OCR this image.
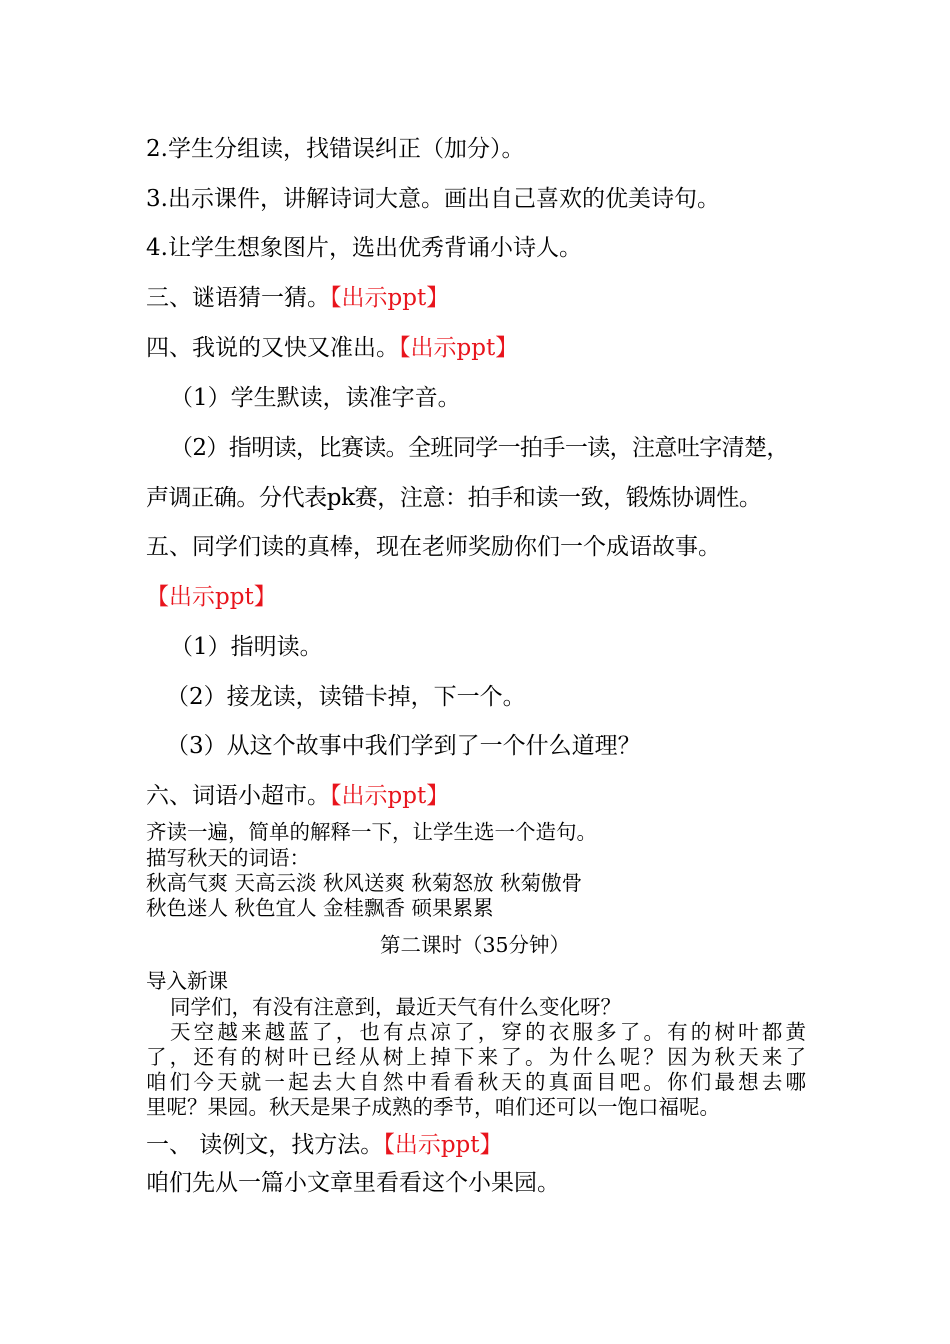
2.学生分组读，找错误纠正（加分）。
3.出示课件，讲解诗词大意。画出自己喜欢的优美诗句。
4.让学生想象图片，选出优秀背诵小诗人。
三、谜语猜一猜。【出示ppt】
四、我说的又快又准出。【出示ppt】
（1）学生默读，读准字音。
（2）指明读，比赛读。全班同学一拍手一读，注意吐字清楚，
声调正确。分代表pk赛，注意：拍手和读一致，锻炼协调性。
五、同学们读的真棒，现在老师奖励你们一个成语故事。
【出示ppt】
（1）指明读。
（2）接龙读，读错卡掉，下一个。
（3）从这个故事中我们学到了一个什么道理？
六、词语小超市。【出示ppt】
齐读一遍，简单的解释一下，让学生选一个造句。
描写秋天的词语：
秋高气爽 天高云淡 秋风送爽 秋菊怒放 秋菊傲骨
秋色迷人 秋色宜人 金桂飘香 硕果累累
第二课时（35分钟）
导入新课
同学们，有没有注意到，最近天气有什么变化呀？
天空越来越蓝了，也有点凉了，穿的衣服多了。有的树叶都黄
了，还有的树叶已经从树上掉下来了。为什么呢？因为秋天来了
咱们今天就一起去大自然中看看秋天的真面目吧。你们最想去哪
里呢？果园。秋天是果子成熟的季节，咱们还可以一饱口福呢。
一、 读例文，找方法。【出示ppt】
咱们先从一篇小文章里看看这个小果园。
